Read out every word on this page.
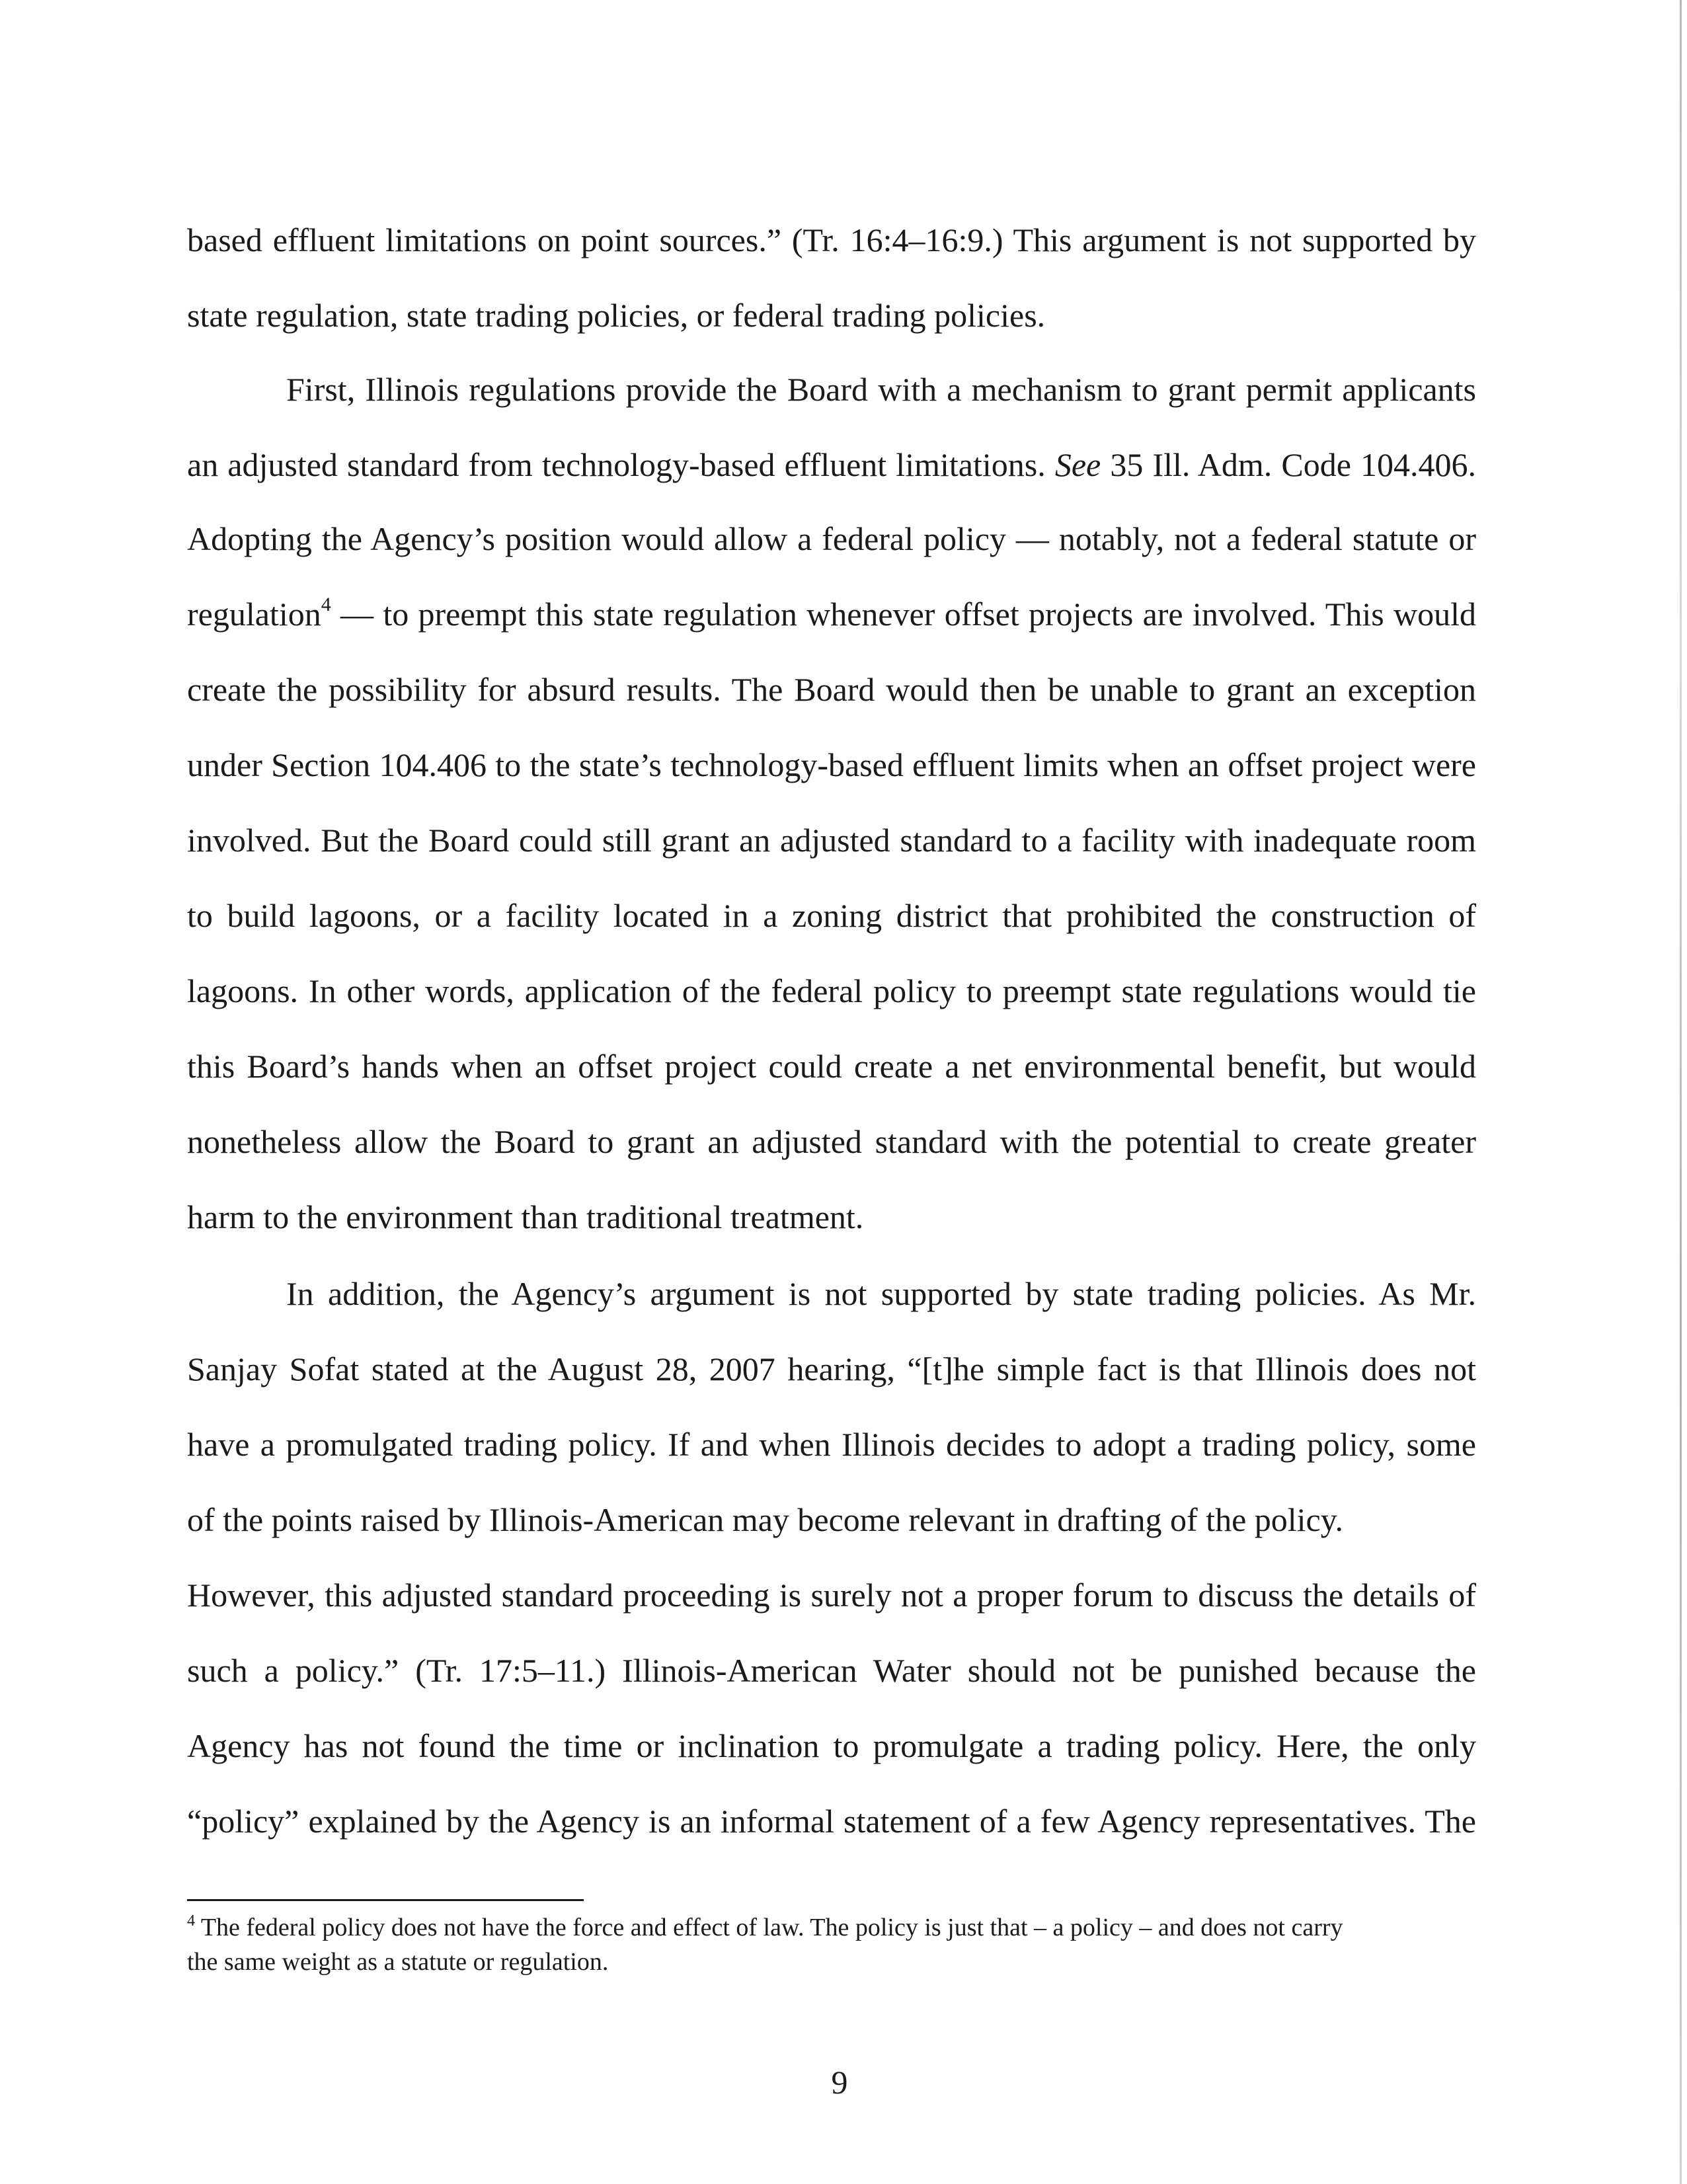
based effluent limitations on point sources.” (Tr. 16:4–16:9.) This argument is not supported by
state regulation, state trading policies, or federal trading policies.
First, Illinois regulations provide the Board with a mechanism to grant permit applicants
an adjusted standard from technology-based effluent limitations. See 35 Ill. Adm. Code 104.406.
Adopting the Agency’s position would allow a federal policy — notably, not a federal statute or
regulation$^4$ — to preempt this state regulation whenever offset projects are involved. This would
create the possibility for absurd results. The Board would then be unable to grant an exception
under Section 104.406 to the state’s technology-based effluent limits when an offset project were
involved. But the Board could still grant an adjusted standard to a facility with inadequate room
to build lagoons, or a facility located in a zoning district that prohibited the construction of
lagoons. In other words, application of the federal policy to preempt state regulations would tie
this Board’s hands when an offset project could create a net environmental benefit, but would
nonetheless allow the Board to grant an adjusted standard with the potential to create greater
harm to the environment than traditional treatment.
In addition, the Agency’s argument is not supported by state trading policies. As Mr.
Sanjay Sofat stated at the August 28, 2007 hearing, “[t]he simple fact is that Illinois does not
have a promulgated trading policy. If and when Illinois decides to adopt a trading policy, some
of the points raised by Illinois-American may become relevant in drafting of the policy.
However, this adjusted standard proceeding is surely not a proper forum to discuss the details of
such a policy.” (Tr. 17:5–11.) Illinois-American Water should not be punished because the
Agency has not found the time or inclination to promulgate a trading policy. Here, the only
“policy” explained by the Agency is an informal statement of a few Agency representatives. The
$^4$ The federal policy does not have the force and effect of law. The policy is just that – a policy – and does not carry
the same weight as a statute or regulation.
9
